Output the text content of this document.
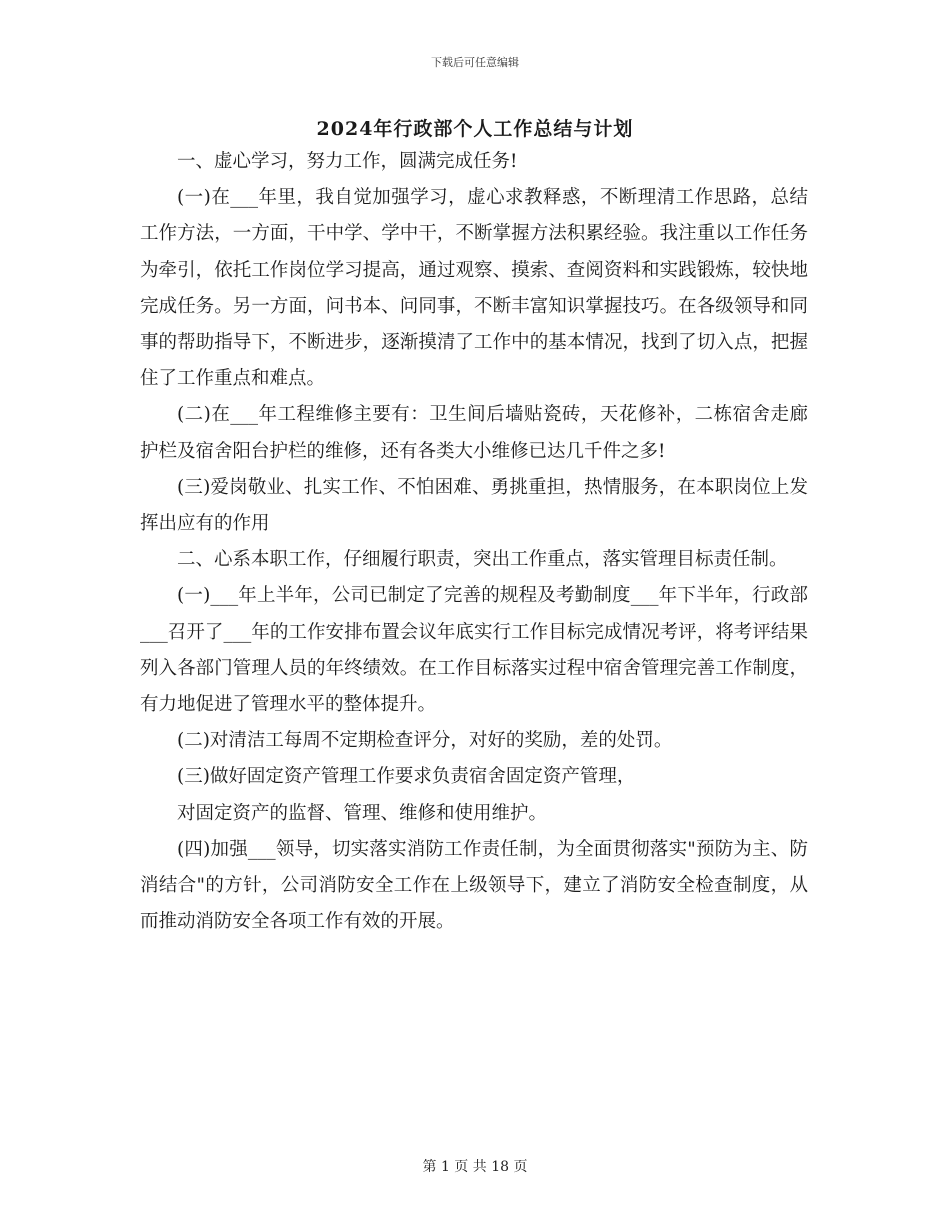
下载后可任意编辑
2024年行政部个人工作总结与计划

一、虚心学习，努力工作，圆满完成任务!

(一)在___年里，我自觉加强学习，虚心求教释惑，不断理清工作思路，总结工作方法，一方面，干中学、学中干，不断掌握方法积累经验。我注重以工作任务为牵引，依托工作岗位学习提高，通过观察、摸索、查阅资料和实践锻炼，较快地完成任务。另一方面，问书本、问同事，不断丰富知识掌握技巧。在各级领导和同事的帮助指导下，不断进步，逐渐摸清了工作中的基本情况，找到了切入点，把握住了工作重点和难点。

(二)在___年工程维修主要有：卫生间后墙贴瓷砖，天花修补，二栋宿舍走廊护栏及宿舍阳台护栏的维修，还有各类大小维修已达几千件之多!

(三)爱岗敬业、扎实工作、不怕困难、勇挑重担，热情服务，在本职岗位上发挥出应有的作用

二、心系本职工作，仔细履行职责，突出工作重点，落实管理目标责任制。

(一)___年上半年，公司已制定了完善的规程及考勤制度___年下半年，行政部___召开了___年的工作安排布置会议年底实行工作目标完成情况考评，将考评结果列入各部门管理人员的年终绩效。在工作目标落实过程中宿舍管理完善工作制度，有力地促进了管理水平的整体提升。

(二)对清洁工每周不定期检查评分，对好的奖励，差的处罚。

(三)做好固定资产管理工作要求负责宿舍固定资产管理，

对固定资产的监督、管理、维修和使用维护。

(四)加强___领导，切实落实消防工作责任制，为全面贯彻落实"预防为主、防消结合"的方针，公司消防安全工作在上级领导下，建立了消防安全检查制度，从而推动消防安全各项工作有效的开展。

第 1 页 共 18 页
